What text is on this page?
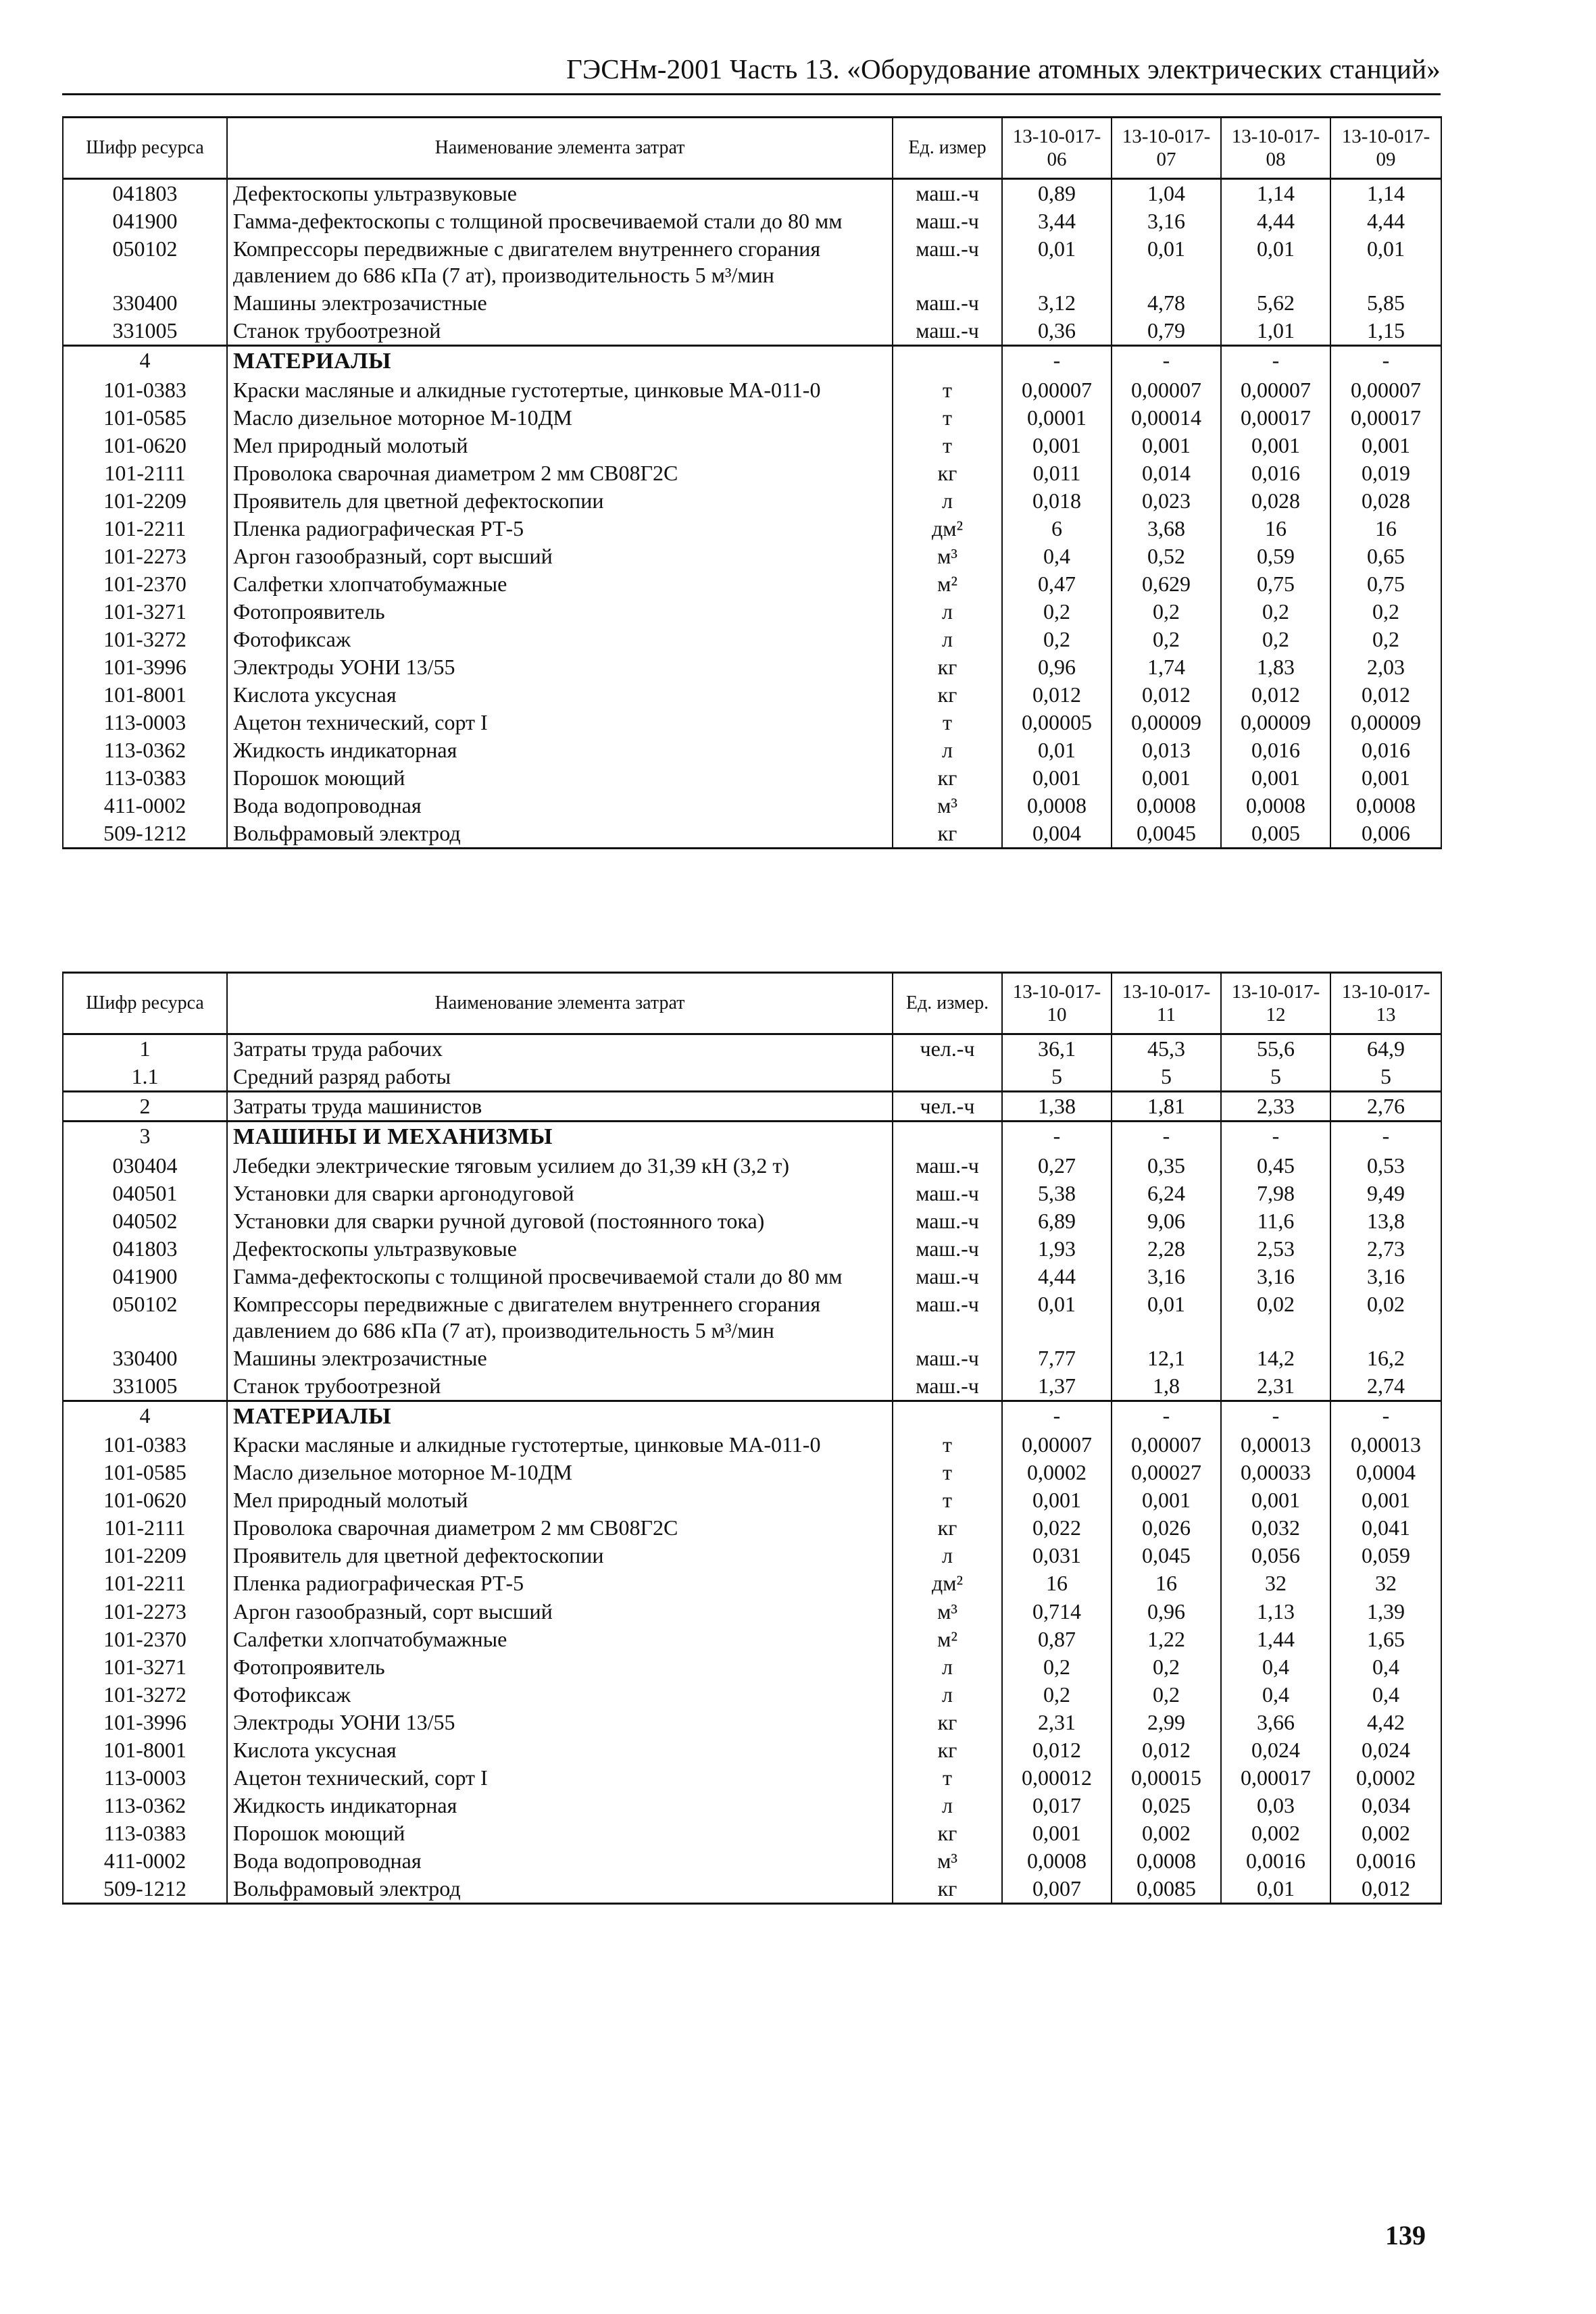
ГЭСНм-2001 Часть 13. «Оборудование атомных электрических станций»
Шифр ресурса	Наименование элемента затрат	Ед. измер	13-10-017-06	13-10-017-07	13-10-017-08	13-10-017-09
041803	Дефектоскопы ультразвуковые	маш.-ч	0,89	1,04	1,14	1,14
041900	Гамма-дефектоскопы с толщиной просвечиваемой стали до 80 мм	маш.-ч	3,44	3,16	4,44	4,44
050102	Компрессоры передвижные с двигателем внутреннего сгорания давлением до 686 кПа (7 ат), производительность 5 м³/мин	маш.-ч	0,01	0,01	0,01	0,01
330400	Машины электрозачистные	маш.-ч	3,12	4,78	5,62	5,85
331005	Станок трубоотрезной	маш.-ч	0,36	0,79	1,01	1,15
4	МАТЕРИАЛЫ		-	-	-	-
101-0383	Краски масляные и алкидные густотертые, цинковые МА-011-0	т	0,00007	0,00007	0,00007	0,00007
101-0585	Масло дизельное моторное М-10ДМ	т	0,0001	0,00014	0,00017	0,00017
101-0620	Мел природный молотый	т	0,001	0,001	0,001	0,001
101-2111	Проволока сварочная диаметром 2 мм СВ08Г2С	кг	0,011	0,014	0,016	0,019
101-2209	Проявитель для цветной дефектоскопии	л	0,018	0,023	0,028	0,028
101-2211	Пленка радиографическая РТ-5	дм²	6	3,68	16	16
101-2273	Аргон газообразный, сорт высший	м³	0,4	0,52	0,59	0,65
101-2370	Салфетки хлопчатобумажные	м²	0,47	0,629	0,75	0,75
101-3271	Фотопроявитель	л	0,2	0,2	0,2	0,2
101-3272	Фотофиксаж	л	0,2	0,2	0,2	0,2
101-3996	Электроды УОНИ 13/55	кг	0,96	1,74	1,83	2,03
101-8001	Кислота уксусная	кг	0,012	0,012	0,012	0,012
113-0003	Ацетон технический, сорт I	т	0,00005	0,00009	0,00009	0,00009
113-0362	Жидкость индикаторная	л	0,01	0,013	0,016	0,016
113-0383	Порошок моющий	кг	0,001	0,001	0,001	0,001
411-0002	Вода водопроводная	м³	0,0008	0,0008	0,0008	0,0008
509-1212	Вольфрамовый электрод	кг	0,004	0,0045	0,005	0,006
Шифр ресурса	Наименование элемента затрат	Ед. измер.	13-10-017-10	13-10-017-11	13-10-017-12	13-10-017-13
1	Затраты труда рабочих	чел.-ч	36,1	45,3	55,6	64,9
1.1	Средний разряд работы		5	5	5	5
2	Затраты труда машинистов	чел.-ч	1,38	1,81	2,33	2,76
3	МАШИНЫ И МЕХАНИЗМЫ		-	-	-	-
030404	Лебедки электрические тяговым усилием до 31,39 кН (3,2 т)	маш.-ч	0,27	0,35	0,45	0,53
040501	Установки для сварки аргонодуговой	маш.-ч	5,38	6,24	7,98	9,49
040502	Установки для сварки ручной дуговой (постоянного тока)	маш.-ч	6,89	9,06	11,6	13,8
041803	Дефектоскопы ультразвуковые	маш.-ч	1,93	2,28	2,53	2,73
041900	Гамма-дефектоскопы с толщиной просвечиваемой стали до 80 мм	маш.-ч	4,44	3,16	3,16	3,16
050102	Компрессоры передвижные с двигателем внутреннего сгорания давлением до 686 кПа (7 ат), производительность 5 м³/мин	маш.-ч	0,01	0,01	0,02	0,02
330400	Машины электрозачистные	маш.-ч	7,77	12,1	14,2	16,2
331005	Станок трубоотрезной	маш.-ч	1,37	1,8	2,31	2,74
4	МАТЕРИАЛЫ		-	-	-	-
101-0383	Краски масляные и алкидные густотертые, цинковые МА-011-0	т	0,00007	0,00007	0,00013	0,00013
101-0585	Масло дизельное моторное М-10ДМ	т	0,0002	0,00027	0,00033	0,0004
101-0620	Мел природный молотый	т	0,001	0,001	0,001	0,001
101-2111	Проволока сварочная диаметром 2 мм СВ08Г2С	кг	0,022	0,026	0,032	0,041
101-2209	Проявитель для цветной дефектоскопии	л	0,031	0,045	0,056	0,059
101-2211	Пленка радиографическая РТ-5	дм²	16	16	32	32
101-2273	Аргон газообразный, сорт высший	м³	0,714	0,96	1,13	1,39
101-2370	Салфетки хлопчатобумажные	м²	0,87	1,22	1,44	1,65
101-3271	Фотопроявитель	л	0,2	0,2	0,4	0,4
101-3272	Фотофиксаж	л	0,2	0,2	0,4	0,4
101-3996	Электроды УОНИ 13/55	кг	2,31	2,99	3,66	4,42
101-8001	Кислота уксусная	кг	0,012	0,012	0,024	0,024
113-0003	Ацетон технический, сорт I	т	0,00012	0,00015	0,00017	0,0002
113-0362	Жидкость индикаторная	л	0,017	0,025	0,03	0,034
113-0383	Порошок моющий	кг	0,001	0,002	0,002	0,002
411-0002	Вода водопроводная	м³	0,0008	0,0008	0,0016	0,0016
509-1212	Вольфрамовый электрод	кг	0,007	0,0085	0,01	0,012
139
